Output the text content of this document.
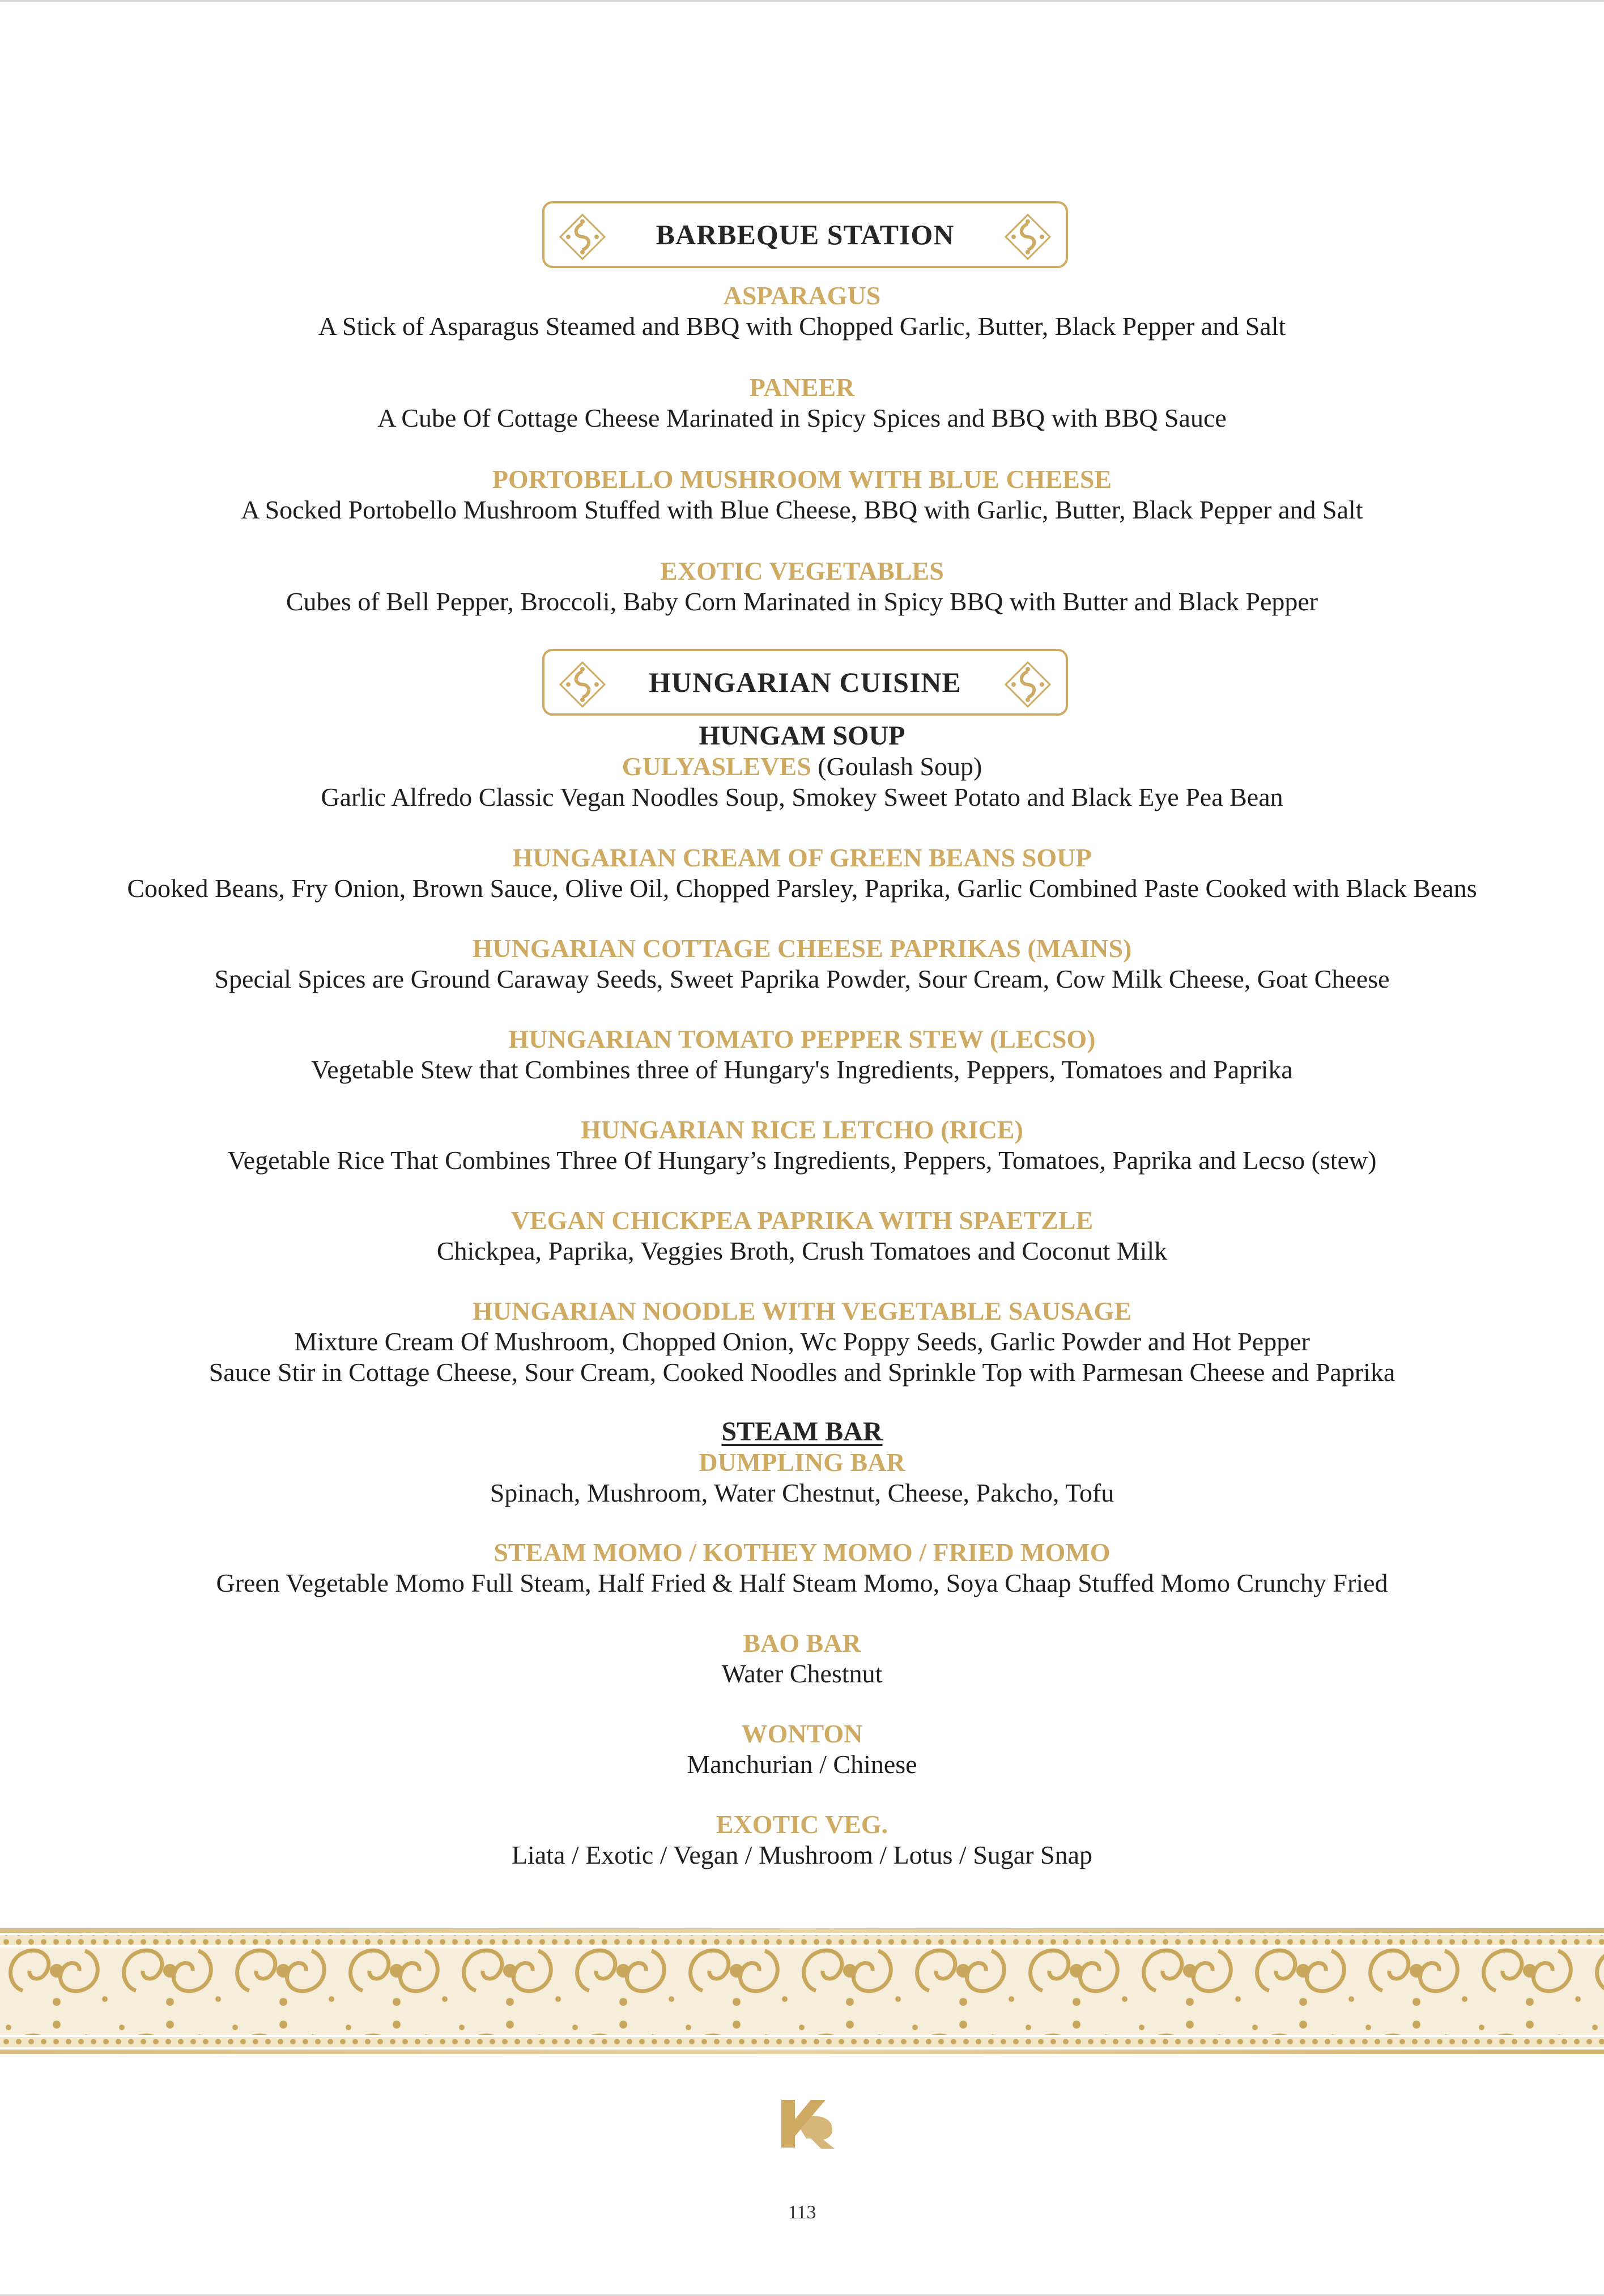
BARBEQUE STATION
ASPARAGUS
A Stick of Asparagus Steamed and BBQ with Chopped Garlic, Butter, Black Pepper and Salt
PANEER
A Cube Of Cottage Cheese Marinated in Spicy Spices and BBQ with BBQ Sauce
PORTOBELLO MUSHROOM WITH BLUE CHEESE
A Socked Portobello Mushroom Stuffed with Blue Cheese, BBQ with Garlic, Butter, Black Pepper and Salt
EXOTIC VEGETABLES
Cubes of Bell Pepper, Broccoli, Baby Corn Marinated in Spicy BBQ with Butter and Black Pepper
HUNGARIAN CUISINE
HUNGAM SOUP
GULYASLEVES (Goulash Soup)
Garlic Alfredo Classic Vegan Noodles Soup, Smokey Sweet Potato and Black Eye Pea Bean
HUNGARIAN CREAM OF GREEN BEANS SOUP
Cooked Beans, Fry Onion, Brown Sauce, Olive Oil, Chopped Parsley, Paprika, Garlic Combined Paste Cooked with Black Beans
HUNGARIAN COTTAGE CHEESE PAPRIKAS (MAINS)
Special Spices are Ground Caraway Seeds, Sweet Paprika Powder, Sour Cream, Cow Milk Cheese, Goat Cheese
HUNGARIAN TOMATO PEPPER STEW (LECSO)
Vegetable Stew that Combines three of Hungary's Ingredients, Peppers, Tomatoes and Paprika
HUNGARIAN RICE LETCHO (RICE)
Vegetable Rice That Combines Three Of Hungary’s Ingredients, Peppers, Tomatoes, Paprika and Lecso (stew)
VEGAN CHICKPEA PAPRIKA WITH SPAETZLE
Chickpea, Paprika, Veggies Broth, Crush Tomatoes and Coconut Milk
HUNGARIAN NOODLE WITH VEGETABLE SAUSAGE
Mixture Cream Of Mushroom, Chopped Onion, Wc Poppy Seeds, Garlic Powder and Hot Pepper
Sauce Stir in Cottage Cheese, Sour Cream, Cooked Noodles and Sprinkle Top with Parmesan Cheese and Paprika
STEAM BAR
DUMPLING BAR
Spinach, Mushroom, Water Chestnut, Cheese, Pakcho, Tofu
STEAM MOMO / KOTHEY MOMO / FRIED MOMO
Green Vegetable Momo Full Steam, Half Fried & Half Steam Momo, Soya Chaap Stuffed Momo Crunchy Fried
BAO BAR
Water Chestnut
WONTON
Manchurian / Chinese
EXOTIC VEG.
Liata / Exotic / Vegan / Mushroom / Lotus / Sugar Snap
113
